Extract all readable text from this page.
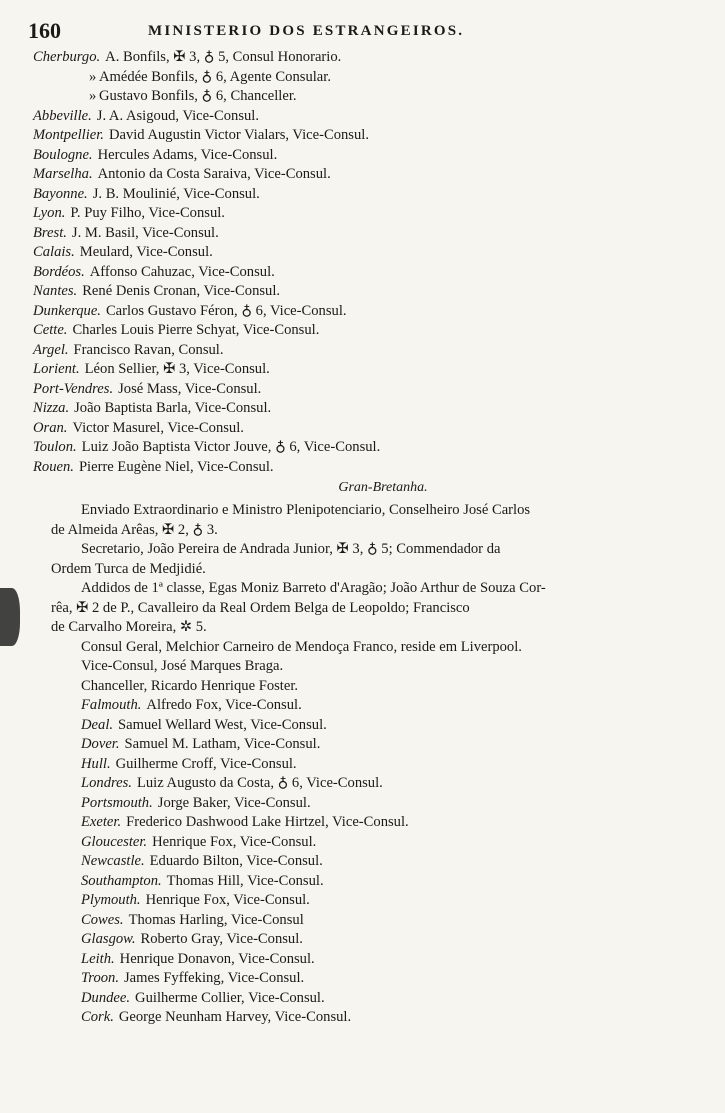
160	MINISTERIO DOS ESTRANGEIROS.
Cherburgo. A. Bonfils, ✠ 3, ♁ 5, Consul Honorario.
» Amédée Bonfils, ♁ 6, Agente Consular.
» Gustavo Bonfils, ♁ 6, Chanceller.
Abbeville. J. A. Asigoud, Vice-Consul.
Montpellier. David Augustin Victor Vialars, Vice-Consul.
Boulogne. Hercules Adams, Vice-Consul.
Marselha. Antonio da Costa Saraiva, Vice-Consul.
Bayonne. J. B. Moulinié, Vice-Consul.
Lyon. P. Puy Filho, Vice-Consul.
Brest. J. M. Basil, Vice-Consul.
Calais. Meulard, Vice-Consul.
Bordéos. Affonso Cahuzac, Vice-Consul.
Nantes. René Denis Cronan, Vice-Consul.
Dunkerque. Carlos Gustavo Féron, ♁ 6, Vice-Consul.
Cette. Charles Louis Pierre Schyat, Vice-Consul.
Argel. Francisco Ravan, Consul.
Lorient. Léon Sellier, ✠ 3, Vice-Consul.
Port-Vendres. José Mass, Vice-Consul.
Nizza. João Baptista Barla, Vice-Consul.
Oran. Victor Masurel, Vice-Consul.
Toulon. Luiz João Baptista Victor Jouve, ♁ 6, Vice-Consul.
Rouen. Pierre Eugène Niel, Vice-Consul.
Gran-Bretanha.
Enviado Extraordinario e Ministro Plenipotenciario, Conselheiro José Carlos
de Almeida Arêas, ✠ 2, ♁ 3.
Secretario, João Pereira de Andrada Junior, ✠ 3, ♁ 5; Commendador da
Ordem Turca de Medjidié.
Addidos de 1ª classe, Egas Moniz Barreto d'Aragão; João Arthur de Souza Cor-
rêa, ✠ 2 de P., Cavalleiro da Real Ordem Belga de Leopoldo; Francisco
de Carvalho Moreira, ✲ 5.
Consul Geral, Melchior Carneiro de Mendoça Franco, reside em Liverpool.
Vice-Consul, José Marques Braga.
Chanceller, Ricardo Henrique Foster.
Falmouth. Alfredo Fox, Vice-Consul.
Deal. Samuel Wellard West, Vice-Consul.
Dover. Samuel M. Latham, Vice-Consul.
Hull. Guilherme Croff, Vice-Consul.
Londres. Luiz Augusto da Costa, ♁ 6, Vice-Consul.
Portsmouth. Jorge Baker, Vice-Consul.
Exeter. Frederico Dashwood Lake Hirtzel, Vice-Consul.
Gloucester. Henrique Fox, Vice-Consul.
Newcastle. Eduardo Bilton, Vice-Consul.
Southampton. Thomas Hill, Vice-Consul.
Plymouth. Henrique Fox, Vice-Consul.
Cowes. Thomas Harling, Vice-Consul
Glasgow. Roberto Gray, Vice-Consul.
Leith. Henrique Donavon, Vice-Consul.
Troon. James Fyffeking, Vice-Consul.
Dundee. Guilherme Collier, Vice-Consul.
Cork. George Neunham Harvey, Vice-Consul.
